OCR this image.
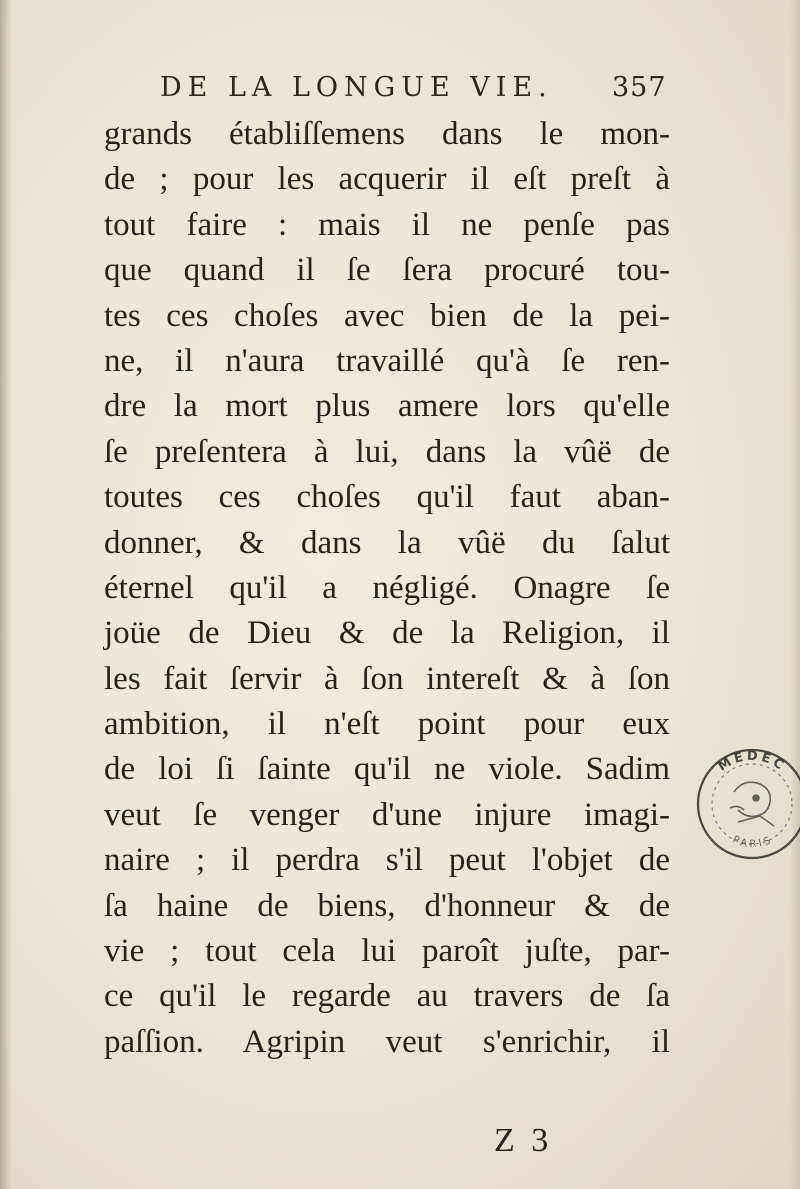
DE LA LONGUE VIE. 357
grands établiſſemens dans le mon-
de ; pour les acquerir il eſt preſt à
tout faire : mais il ne penſe pas
que quand il ſe ſera procuré tou-
tes ces choſes avec bien de la pei-
ne, il n'aura travaillé qu'à ſe ren-
dre la mort plus amere lors qu'elle
ſe preſentera à lui, dans la vûë de
toutes ces choſes qu'il faut aban-
donner, & dans la vûë du ſalut
éternel qu'il a négligé. Onagre ſe
joüe de Dieu & de la Religion, il
les fait ſervir à ſon intereſt & à ſon
ambition, il n'eſt point pour eux
de loi ſi ſainte qu'il ne viole. Sadim
veut ſe venger d'une injure imagi-
naire ; il perdra s'il peut l'objet de
ſa haine de biens, d'honneur & de
vie ; tout cela lui paroît juſte, par-
ce qu'il le regarde au travers de ſa
paſſion. Agripin veut s'enrichir, il
Z 3
MEDEC
PARIS
